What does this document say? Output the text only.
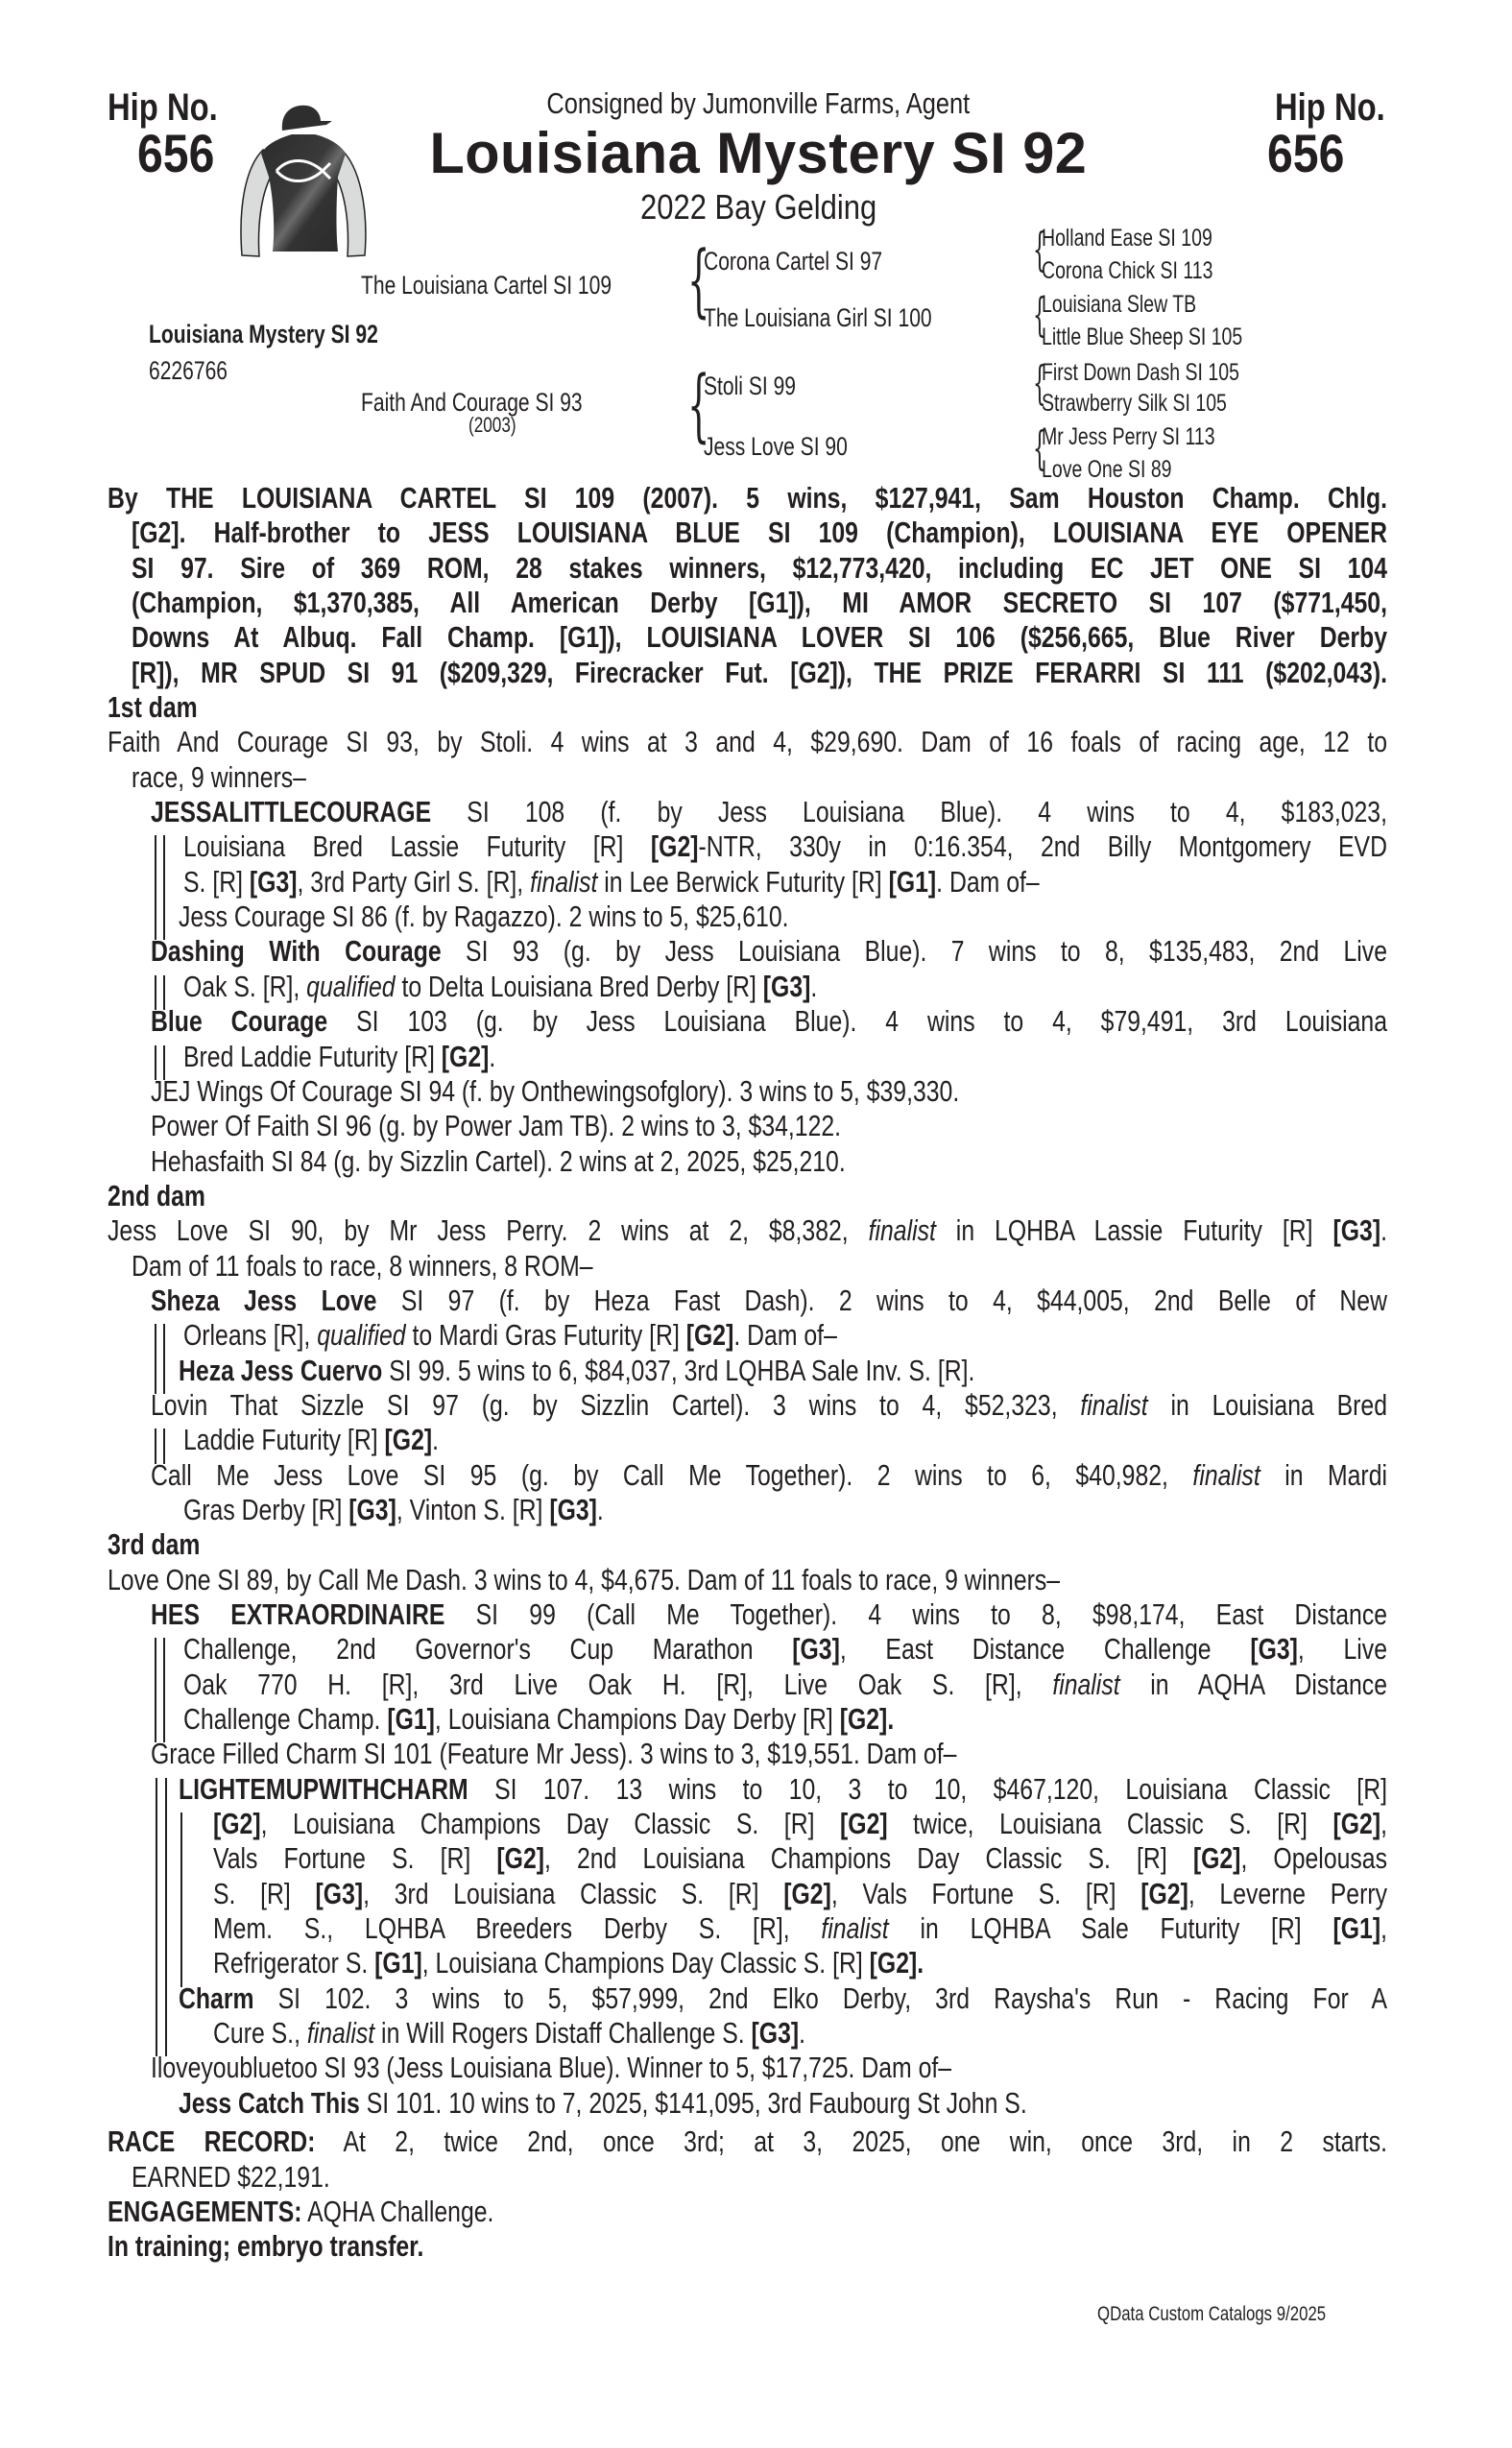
Hip No.
656
Hip No.
656
Consigned by Jumonville Farms, Agent
Louisiana Mystery SI 92
2022 Bay Gelding
Louisiana Mystery SI 92
6226766
The Louisiana Cartel SI 109
Faith And Courage SI 93
(2003)
{
{
Corona Cartel SI 97
The Louisiana Girl SI 100
Stoli SI 99
Jess Love SI 90
{
{
{
{
Holland Ease SI 109
Corona Chick SI 113
Louisiana Slew TB
Little Blue Sheep SI 105
First Down Dash SI 105
Strawberry Silk SI 105
Mr Jess Perry SI 113
Love One SI 89
By THE LOUISIANA CARTEL SI 109 (2007). 5 wins, $127,941, Sam Houston Champ. Chlg.
[G2]. Half-brother to JESS LOUISIANA BLUE SI 109 (Champion), LOUISIANA EYE OPENER
SI 97. Sire of 369 ROM, 28 stakes winners, $12,773,420, including EC JET ONE SI 104
(Champion, $1,370,385, All American Derby [G1]), MI AMOR SECRETO SI 107 ($771,450,
Downs At Albuq. Fall Champ. [G1]), LOUISIANA LOVER SI 106 ($256,665, Blue River Derby
[R]), MR SPUD SI 91 ($209,329, Firecracker Fut. [G2]), THE PRIZE FERARRI SI 111 ($202,043).
1st dam
Faith And Courage SI 93, by Stoli. 4 wins at 3 and 4, $29,690. Dam of 16 foals of racing age, 12 to
race, 9 winners–
JESSALITTLECOURAGE SI 108 (f. by Jess Louisiana Blue). 4 wins to 4, $183,023,
Louisiana Bred Lassie Futurity [R] [G2]-NTR, 330y in 0:16.354, 2nd Billy Montgomery EVD
S. [R] [G3], 3rd Party Girl S. [R], finalist in Lee Berwick Futurity [R] [G1]. Dam of–
Jess Courage SI 86 (f. by Ragazzo). 2 wins to 5, $25,610.
Dashing With Courage SI 93 (g. by Jess Louisiana Blue). 7 wins to 8, $135,483, 2nd Live
Oak S. [R], qualified to Delta Louisiana Bred Derby [R] [G3].
Blue Courage SI 103 (g. by Jess Louisiana Blue). 4 wins to 4, $79,491, 3rd Louisiana
Bred Laddie Futurity [R] [G2].
JEJ Wings Of Courage SI 94 (f. by Onthewingsofglory). 3 wins to 5, $39,330.
Power Of Faith SI 96 (g. by Power Jam TB). 2 wins to 3, $34,122.
Hehasfaith SI 84 (g. by Sizzlin Cartel). 2 wins at 2, 2025, $25,210.
2nd dam
Jess Love SI 90, by Mr Jess Perry. 2 wins at 2, $8,382, finalist in LQHBA Lassie Futurity [R] [G3].
Dam of 11 foals to race, 8 winners, 8 ROM–
Sheza Jess Love SI 97 (f. by Heza Fast Dash). 2 wins to 4, $44,005, 2nd Belle of New
Orleans [R], qualified to Mardi Gras Futurity [R] [G2]. Dam of–
Heza Jess Cuervo SI 99. 5 wins to 6, $84,037, 3rd LQHBA Sale Inv. S. [R].
Lovin That Sizzle SI 97 (g. by Sizzlin Cartel). 3 wins to 4, $52,323, finalist in Louisiana Bred
Laddie Futurity [R] [G2].
Call Me Jess Love SI 95 (g. by Call Me Together). 2 wins to 6, $40,982, finalist in Mardi
Gras Derby [R] [G3], Vinton S. [R] [G3].
3rd dam
Love One SI 89, by Call Me Dash. 3 wins to 4, $4,675. Dam of 11 foals to race, 9 winners–
HES EXTRAORDINAIRE SI 99 (Call Me Together). 4 wins to 8, $98,174, East Distance
Challenge, 2nd Governor's Cup Marathon [G3], East Distance Challenge [G3], Live
Oak 770 H. [R], 3rd Live Oak H. [R], Live Oak S. [R], finalist in AQHA Distance
Challenge Champ. [G1], Louisiana Champions Day Derby [R] [G2].
Grace Filled Charm SI 101 (Feature Mr Jess). 3 wins to 3, $19,551. Dam of–
LIGHTEMUPWITHCHARM SI 107. 13 wins to 10, 3 to 10, $467,120, Louisiana Classic [R]
[G2], Louisiana Champions Day Classic S. [R] [G2] twice, Louisiana Classic S. [R] [G2],
Vals Fortune S. [R] [G2], 2nd Louisiana Champions Day Classic S. [R] [G2], Opelousas
S. [R] [G3], 3rd Louisiana Classic S. [R] [G2], Vals Fortune S. [R] [G2], Leverne Perry
Mem. S., LQHBA Breeders Derby S. [R], finalist in LQHBA Sale Futurity [R] [G1],
Refrigerator S. [G1], Louisiana Champions Day Classic S. [R] [G2].
Charm SI 102. 3 wins to 5, $57,999, 2nd Elko Derby, 3rd Raysha's Run - Racing For A
Cure S., finalist in Will Rogers Distaff Challenge S. [G3].
Iloveyoubluetoo SI 93 (Jess Louisiana Blue). Winner to 5, $17,725. Dam of–
Jess Catch This SI 101. 10 wins to 7, 2025, $141,095, 3rd Faubourg St John S.
RACE RECORD: At 2, twice 2nd, once 3rd; at 3, 2025, one win, once 3rd, in 2 starts.
EARNED $22,191.
ENGAGEMENTS: AQHA Challenge.
In training; embryo transfer.
QData Custom Catalogs 9/2025
